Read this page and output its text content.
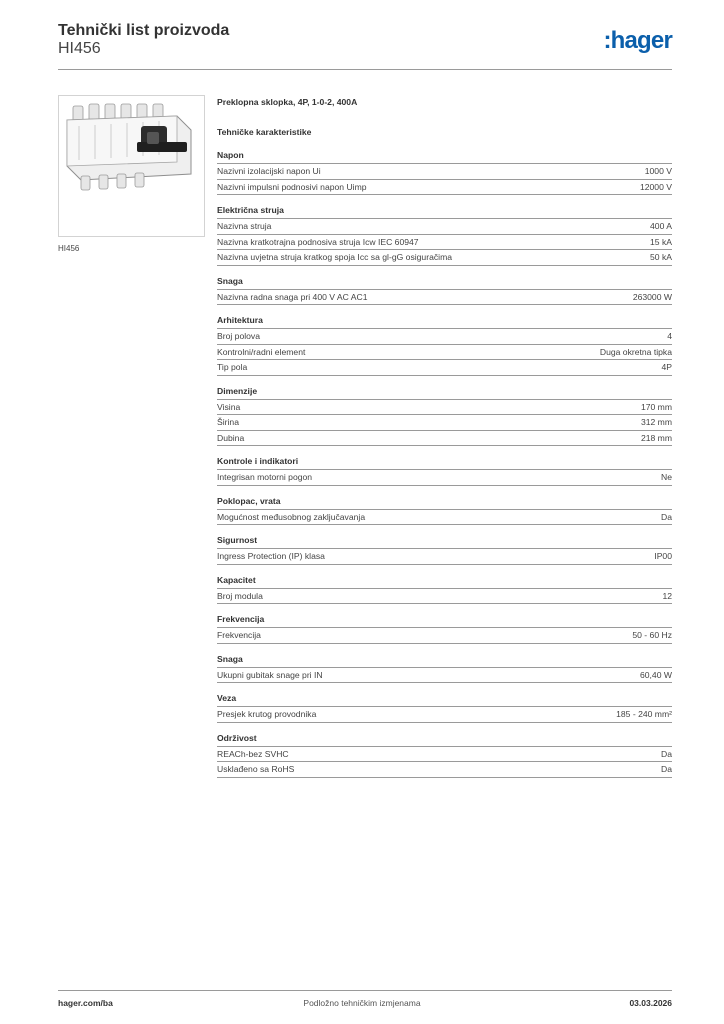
Tehnički list proizvoda
HI456	:hager
HI456
Preklopna sklopka, 4P, 1-0-2, 400A
Tehničke karakteristike
Napon
Nazivni izolacijski napon Ui	1000 V
Nazivni impulsni podnosivi napon Uimp	12000 V
Električna struja
Nazivna struja	400 A
Nazivna kratkotrajna podnosiva struja Icw IEC 60947	15 kA
Nazivna uvjetna struja kratkog spoja Icc sa gl-gG osiguračima	50 kA
Snaga
Nazivna radna snaga pri 400 V AC AC1	263000 W
Arhitektura
Broj polova	4
Kontrolni/radni element	Duga okretna tipka
Tip pola	4P
Dimenzije
Visina	170 mm
Širina	312 mm
Dubina	218 mm
Kontrole i indikatori
Integrisan motorni pogon	Ne
Poklopac, vrata
Mogućnost međusobnog zaključavanja	Da
Sigurnost
Ingress Protection (IP) klasa	IP00
Kapacitet
Broj modula	12
Frekvencija
Frekvencija	50 - 60 Hz
Snaga
Ukupni gubitak snage pri IN	60,40 W
Veza
Presjek krutog provodnika	185 - 240 mm²
Održivost
REACh-bez SVHC	Da
Usklađeno sa RoHS	Da
hager.com/ba	Podložno tehničkim izmjenama	03.03.2026
